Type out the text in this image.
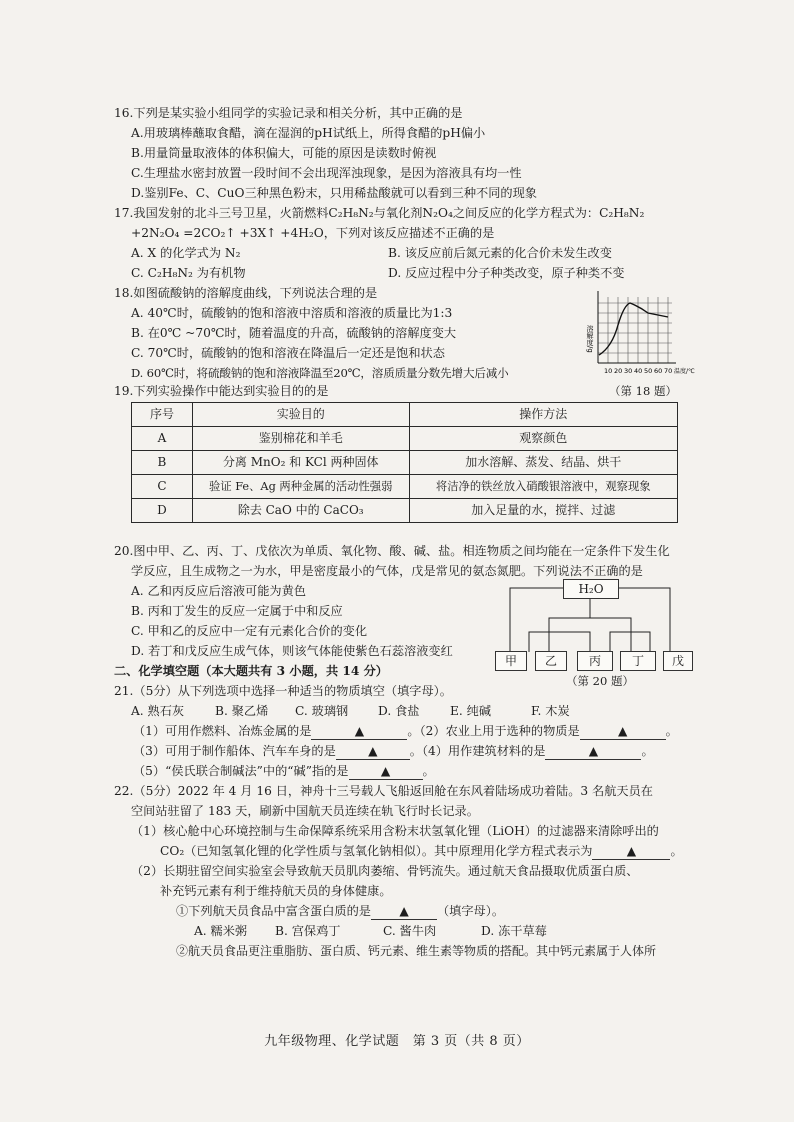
16.下列是某实验小组同学的实验记录和相关分析，其中正确的是
A.用玻璃棒蘸取食醋，滴在湿润的pH试纸上，所得食醋的pH偏小
B.用量筒量取液体的体积偏大，可能的原因是读数时俯视
C.生理盐水密封放置一段时间不会出现浑浊现象，是因为溶液具有均一性
D.鉴别Fe、C、CuO三种黑色粉末，只用稀盐酸就可以看到三种不同的现象
17.我国发射的北斗三号卫星，火箭燃料C₂H₈N₂与氧化剂N₂O₄之间反应的化学方程式为：C₂H₈N₂
+2N₂O₄ =2CO₂↑ +3X↑ +4H₂O，下列对该反应描述不正确的是
A. X 的化学式为 N₂	B. 该反应前后氮元素的化合价未发生改变
C. C₂H₈N₂ 为有机物	D. 反应过程中分子种类改变，原子种类不变
18.如图硫酸钠的溶解度曲线，下列说法合理的是
A. 40℃时，硫酸钠的饱和溶液中溶质和溶液的质量比为1:3
B. 在0℃ ~70℃时，随着温度的升高，硫酸钠的溶解度变大
C. 70℃时，硫酸钠的饱和溶液在降温后一定还是饱和状态
D. 60℃时，将硫酸钠的饱和溶液降温至20℃，溶质质量分数先增大后减小
溶解度/g
10 20 30 40 50 60 70 温度/℃
19.下列实验操作中能达到实验目的的是	（第 18 题）
序号	实验目的	操作方法
A	鉴别棉花和羊毛	观察颜色
B	分离 MnO₂ 和 KCl 两种固体	加水溶解、蒸发、结晶、烘干
C	验证 Fe、Ag 两种金属的活动性强弱	将洁净的铁丝放入硝酸银溶液中，观察现象
D	除去 CaO 中的 CaCO₃	加入足量的水，搅拌、过滤
20.图中甲、乙、丙、丁、戊依次为单质、氧化物、酸、碱、盐。相连物质之间均能在一定条件下发生化
学反应，且生成物之一为水，甲是密度最小的气体，戊是常见的氨态氮肥。下列说法不正确的是
A. 乙和丙反应后溶液可能为黄色
B. 丙和丁发生的反应一定属于中和反应
C. 甲和乙的反应中一定有元素化合价的变化
D. 若丁和戊反应生成气体，则该气体能使紫色石蕊溶液变红
H₂O
甲	乙	丙	丁	戊
二、化学填空题（本大题共有 3 小题，共 14 分）
（第 20 题）
21.（5分）从下列选项中选择一种适当的物质填空（填字母）。
A. 熟石灰	B. 聚乙烯 C. 玻璃钢 D. 食盐	E. 纯碱	F. 木炭
（1）可用作燃料、冶炼金属的是	▲	。（2）农业上用于选种的物质是	▲	。
（3）可用于制作船体、汽车车身的是	▲	。（4）用作建筑材料的是	▲	。
（5）“侯氏联合制碱法”中的“碱”指的是	▲	。
22.（5分）2022 年 4 月 16 日，神舟十三号载人飞船返回舱在东风着陆场成功着陆。3 名航天员在
空间站驻留了 183 天，刷新中国航天员连续在轨飞行时长记录。
（1）核心舱中心环境控制与生命保障系统采用含粉末状氢氧化锂（LiOH）的过滤器来清除呼出的
CO₂（已知氢氧化锂的化学性质与氢氧化钠相似）。其中原理用化学方程式表示为	▲	。
（2）长期驻留空间实验室会导致航天员肌肉萎缩、骨钙流失。通过航天食品摄取优质蛋白质、
补充钙元素有利于维持航天员的身体健康。
①下列航天员食品中富含蛋白质的是 ▲ （填字母）。
A. 糯米粥 B. 宫保鸡丁	C. 酱牛肉	D. 冻干草莓
②航天员食品更注重脂肪、蛋白质、钙元素、维生素等物质的搭配。其中钙元素属于人体所
九年级物理、化学试题　第 3 页（共 8 页）
